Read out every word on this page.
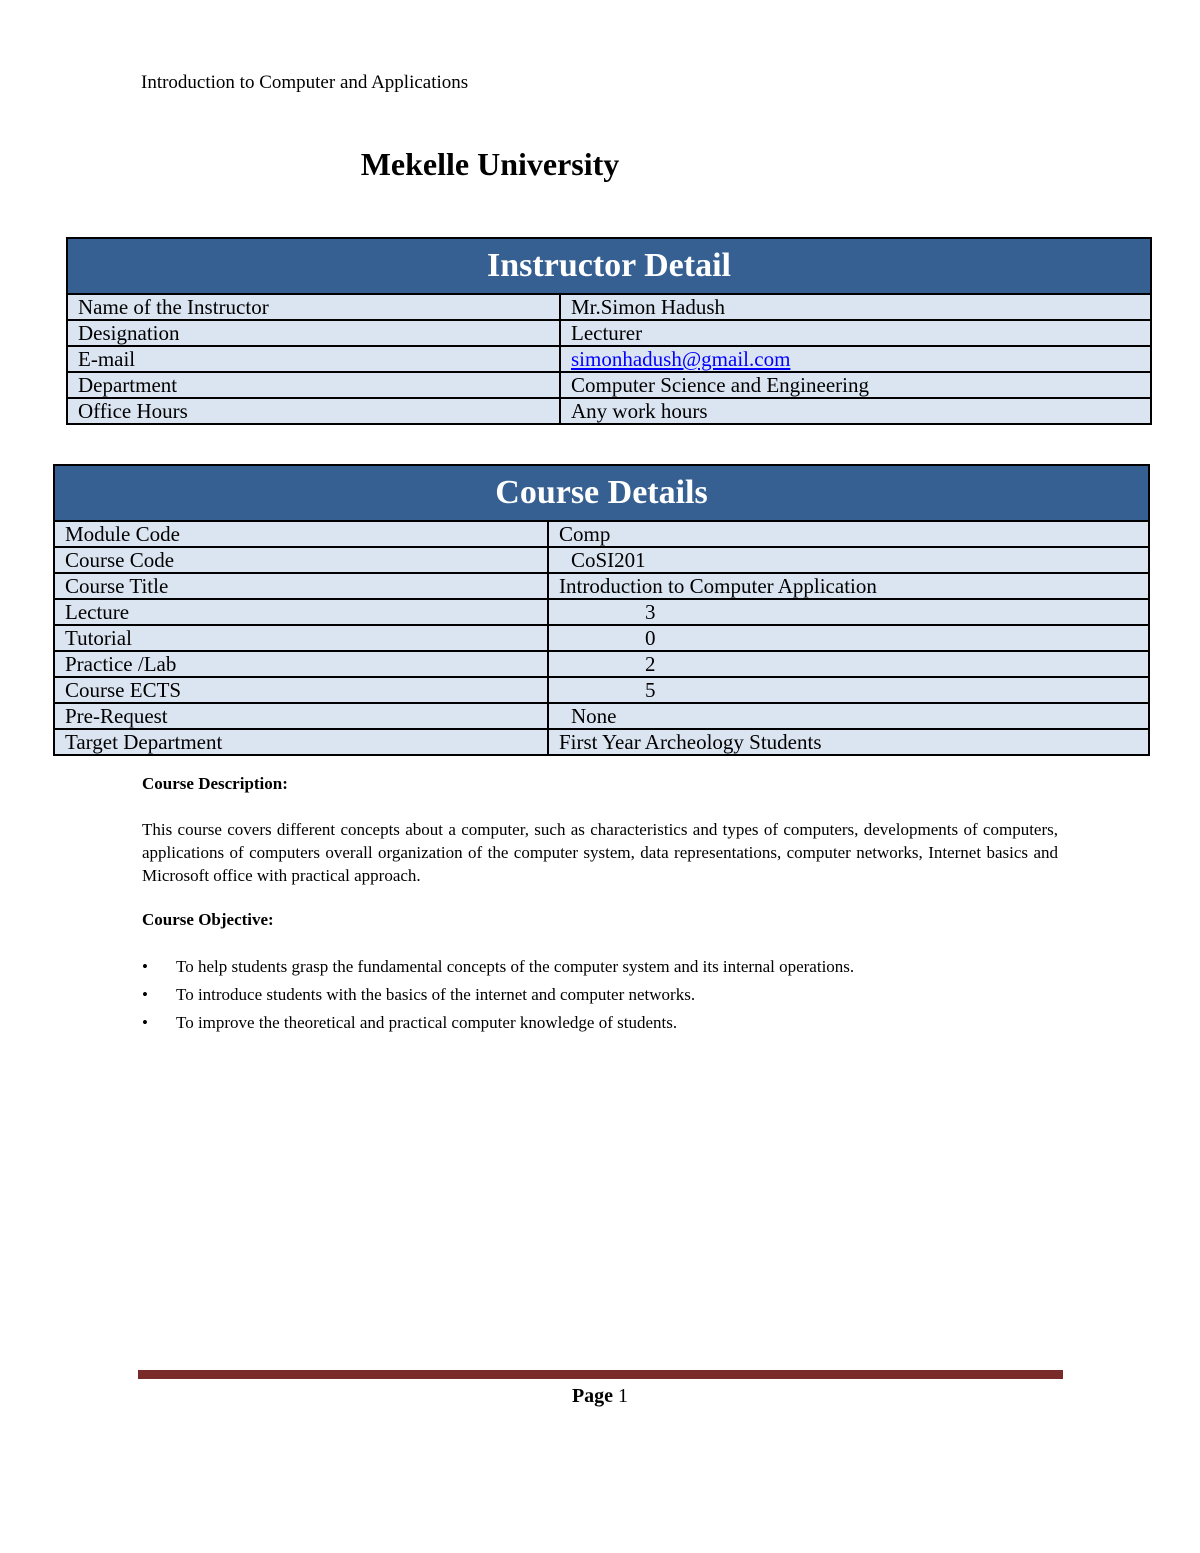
Introduction to Computer and Applications
Mekelle University
Instructor Detail	
Name of the Instructor	Mr.Simon Hadush
Designation	Lecturer
E-mail	simonhadush@gmail.com
Department	Computer Science and Engineering
Office Hours	Any work hours
Course Details	
Module Code	Comp
Course Code	CoSI201
Course Title	Introduction to Computer Application
Lecture	3
Tutorial	0
Practice /Lab	2
Course ECTS	5
Pre-Request	None
Target Department	First Year Archeology Students
Course Description:
This course covers different concepts about a computer, such as characteristics and types of computers, developments of computers, applications of computers overall organization of the computer system, data representations, computer networks, Internet basics and Microsoft office with practical approach.
Course Objective:
• To help students grasp the fundamental concepts of the computer system and its internal operations.
• To introduce students with the basics of the internet and computer networks.
• To improve the theoretical and practical computer knowledge of students.
Page 1
